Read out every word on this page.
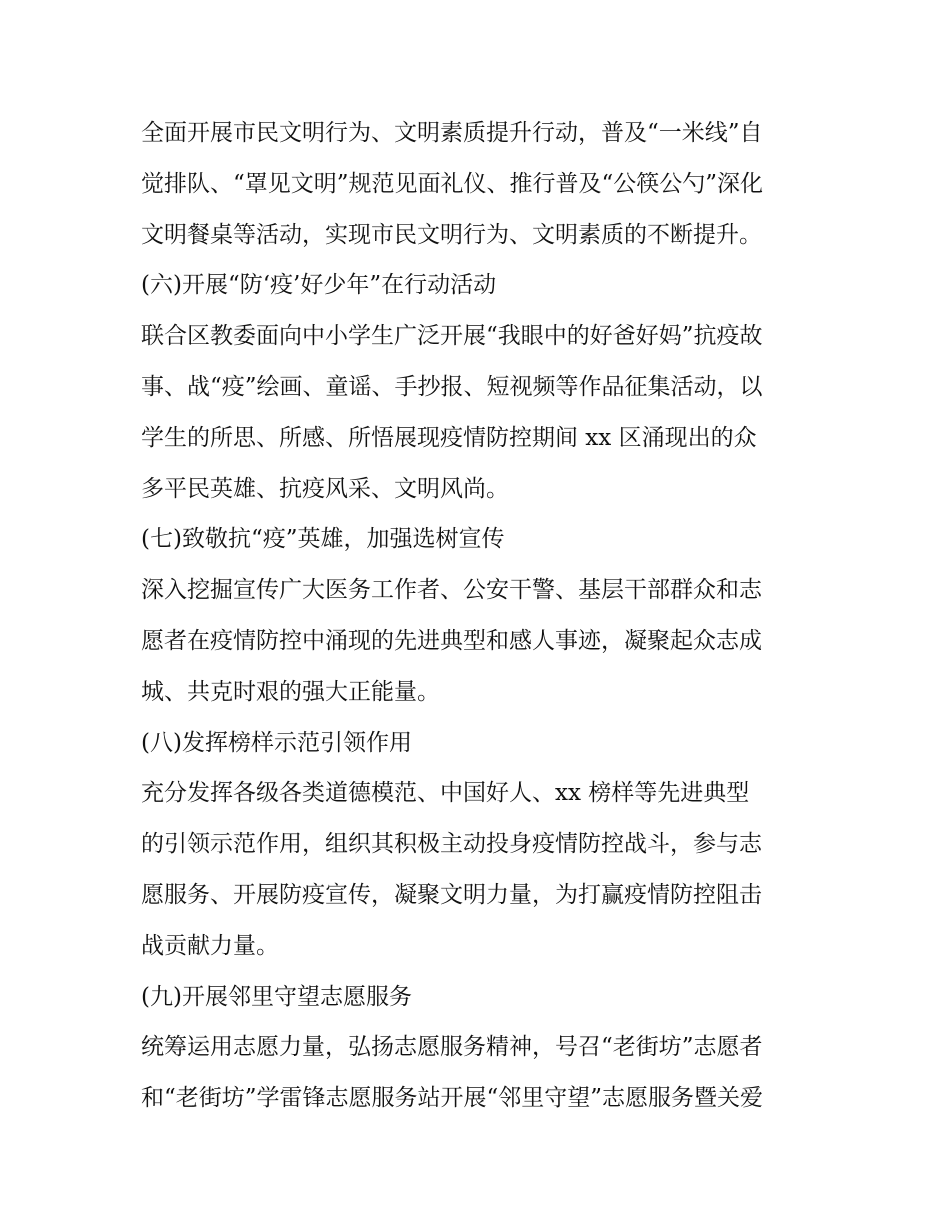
全面开展市民文明行为、文明素质提升行动，普及“一米线”自
觉排队、“罩见文明”规范见面礼仪、推行普及“公筷公勺”深化
文明餐桌等活动，实现市民文明行为、文明素质的不断提升。
(六)开展“防‘疫’好少年”在行动活动
联合区教委面向中小学生广泛开展“我眼中的好爸好妈”抗疫故
事、战“疫”绘画、童谣、手抄报、短视频等作品征集活动，以
学生的所思、所感、所悟展现疫情防控期间 xx 区涌现出的众
多平民英雄、抗疫风采、文明风尚。
(七)致敬抗“疫”英雄，加强选树宣传
深入挖掘宣传广大医务工作者、公安干警、基层干部群众和志
愿者在疫情防控中涌现的先进典型和感人事迹，凝聚起众志成
城、共克时艰的强大正能量。
(八)发挥榜样示范引领作用
充分发挥各级各类道德模范、中国好人、xx 榜样等先进典型
的引领示范作用，组织其积极主动投身疫情防控战斗，参与志
愿服务、开展防疫宣传，凝聚文明力量，为打赢疫情防控阻击
战贡献力量。
(九)开展邻里守望志愿服务
统筹运用志愿力量，弘扬志愿服务精神，号召“老街坊”志愿者
和“老街坊”学雷锋志愿服务站开展“邻里守望”志愿服务暨关爱
